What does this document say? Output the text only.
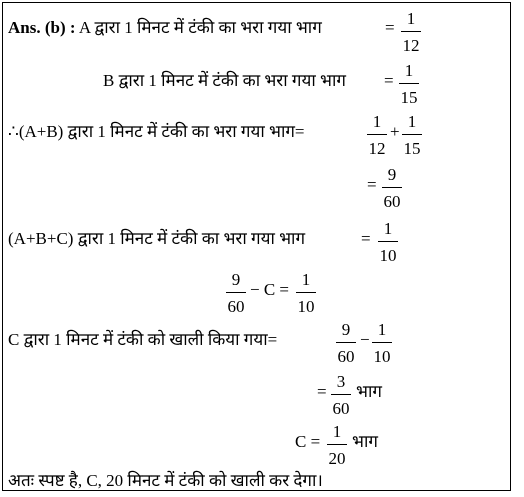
Ans. (b) : A द्वारा 1 मिनट में टंकी का भरा गया भाग	= 1
12
B द्वारा 1 मिनट में टंकी का भरा गया भाग =
1
15
∴(A+B) द्वारा 1 मिनट में टंकी का भरा गया भाग=
1
12
+
1
15
=
9
60
(A+B+C) द्वारा 1 मिनट में टंकी का भरा गया भाग	=
1
10
9
60
− C =
1
10
C द्वारा 1 मिनट में टंकी को खाली किया गया=
9
60
−
1
10
=
3
60
भाग
C =
1
20
भाग
अतः स्पष्ट है, C, 20 मिनट में टंकी को खाली कर देगा।
